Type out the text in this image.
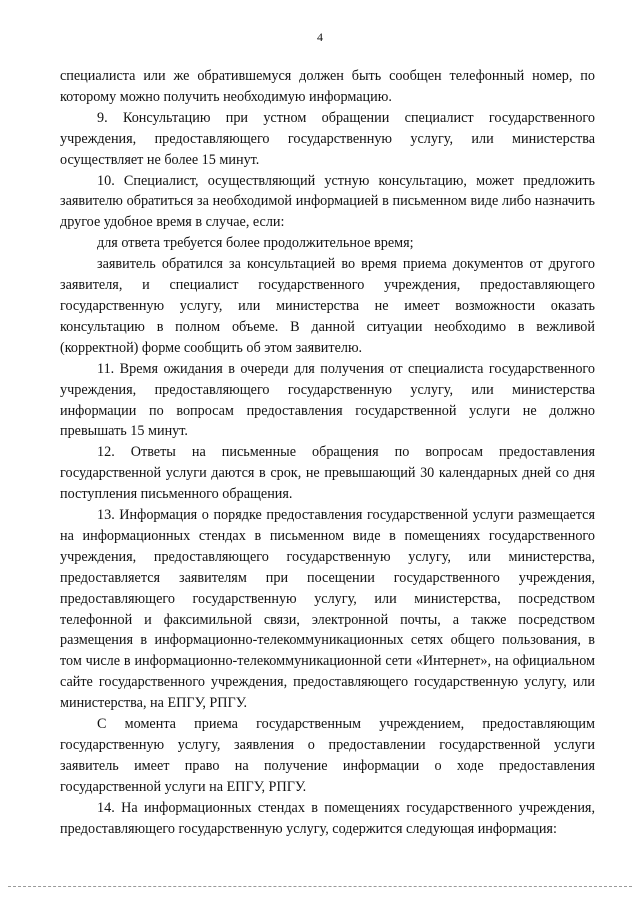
4

специалиста или же обратившемуся должен быть сообщен телефонный номер, по которому можно получить необходимую информацию.

9. Консультацию при устном обращении специалист государственного учреждения, предоставляющего государственную услугу, или министерства осуществляет не более 15 минут.

10. Специалист, осуществляющий устную консультацию, может предложить заявителю обратиться за необходимой информацией в письменном виде либо назначить другое удобное время в случае, если:

для ответа требуется более продолжительное время;

заявитель обратился за консультацией во время приема документов от другого заявителя, и специалист государственного учреждения, предоставляющего государственную услугу, или министерства не имеет возможности оказать консультацию в полном объеме. В данной ситуации необходимо в вежливой (корректной) форме сообщить об этом заявителю.

11. Время ожидания в очереди для получения от специалиста государственного учреждения, предоставляющего государственную услугу, или министерства информации по вопросам предоставления государственной услуги не должно превышать 15 минут.

12. Ответы на письменные обращения по вопросам предоставления государственной услуги даются в срок, не превышающий 30 календарных дней со дня поступления письменного обращения.

13. Информация о порядке предоставления государственной услуги размещается на информационных стендах в письменном виде в помещениях государственного учреждения, предоставляющего государственную услугу, или министерства, предоставляется заявителям при посещении государственного учреждения, предоставляющего государственную услугу, или министерства, посредством телефонной и факсимильной связи, электронной почты, а также посредством размещения в информационно-телекоммуникационных сетях общего пользования, в том числе в информационно-телекоммуникационной сети «Интернет», на официальном сайте государственного учреждения, предоставляющего государственную услугу, или министерства, на ЕПГУ, РПГУ.

С момента приема государственным учреждением, предоставляющим государственную услугу, заявления о предоставлении государственной услуги заявитель имеет право на получение информации о ходе предоставления государственной услуги на ЕПГУ, РПГУ.

14. На информационных стендах в помещениях государственного учреждения, предоставляющего государственную услугу, содержится следующая информация:
